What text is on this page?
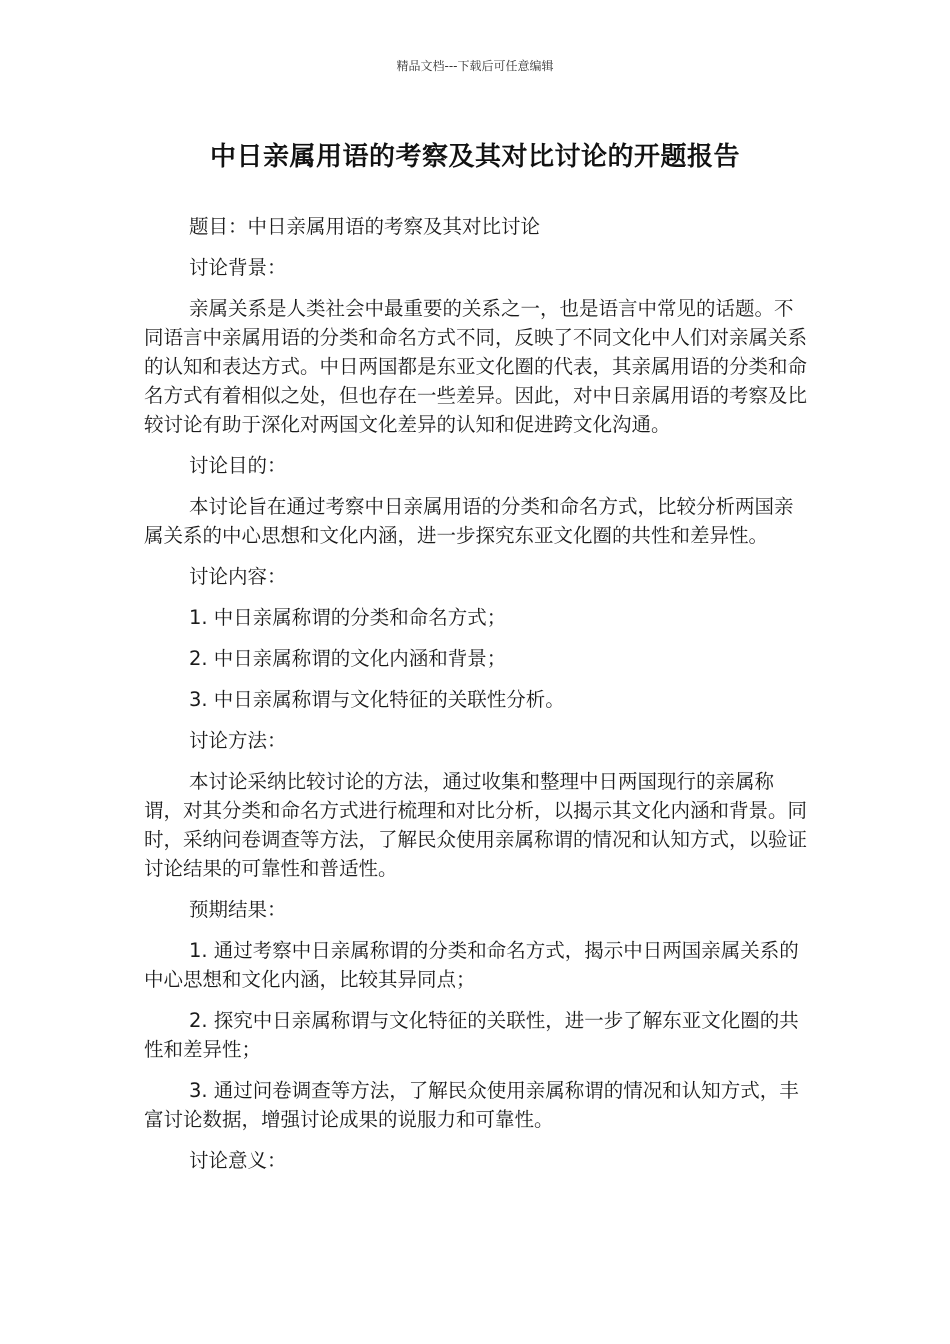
精品文档---下载后可任意编辑
中日亲属用语的考察及其对比讨论的开题报告

题目：中日亲属用语的考察及其对比讨论

讨论背景：

亲属关系是人类社会中最重要的关系之一，也是语言中常见的话题。不同语言中亲属用语的分类和命名方式不同，反映了不同文化中人们对亲属关系的认知和表达方式。中日两国都是东亚文化圈的代表，其亲属用语的分类和命名方式有着相似之处，但也存在一些差异。因此，对中日亲属用语的考察及比较讨论有助于深化对两国文化差异的认知和促进跨文化沟通。

讨论目的：

本讨论旨在通过考察中日亲属用语的分类和命名方式，比较分析两国亲属关系的中心思想和文化内涵，进一步探究东亚文化圈的共性和差异性。

讨论内容：

1. 中日亲属称谓的分类和命名方式；

2. 中日亲属称谓的文化内涵和背景；

3. 中日亲属称谓与文化特征的关联性分析。

讨论方法：

本讨论采纳比较讨论的方法，通过收集和整理中日两国现行的亲属称谓，对其分类和命名方式进行梳理和对比分析，以揭示其文化内涵和背景。同时，采纳问卷调查等方法，了解民众使用亲属称谓的情况和认知方式，以验证讨论结果的可靠性和普适性。

预期结果：

1. 通过考察中日亲属称谓的分类和命名方式，揭示中日两国亲属关系的中心思想和文化内涵，比较其异同点；

2. 探究中日亲属称谓与文化特征的关联性，进一步了解东亚文化圈的共性和差异性；

3. 通过问卷调查等方法，了解民众使用亲属称谓的情况和认知方式，丰富讨论数据，增强讨论成果的说服力和可靠性。

讨论意义：
